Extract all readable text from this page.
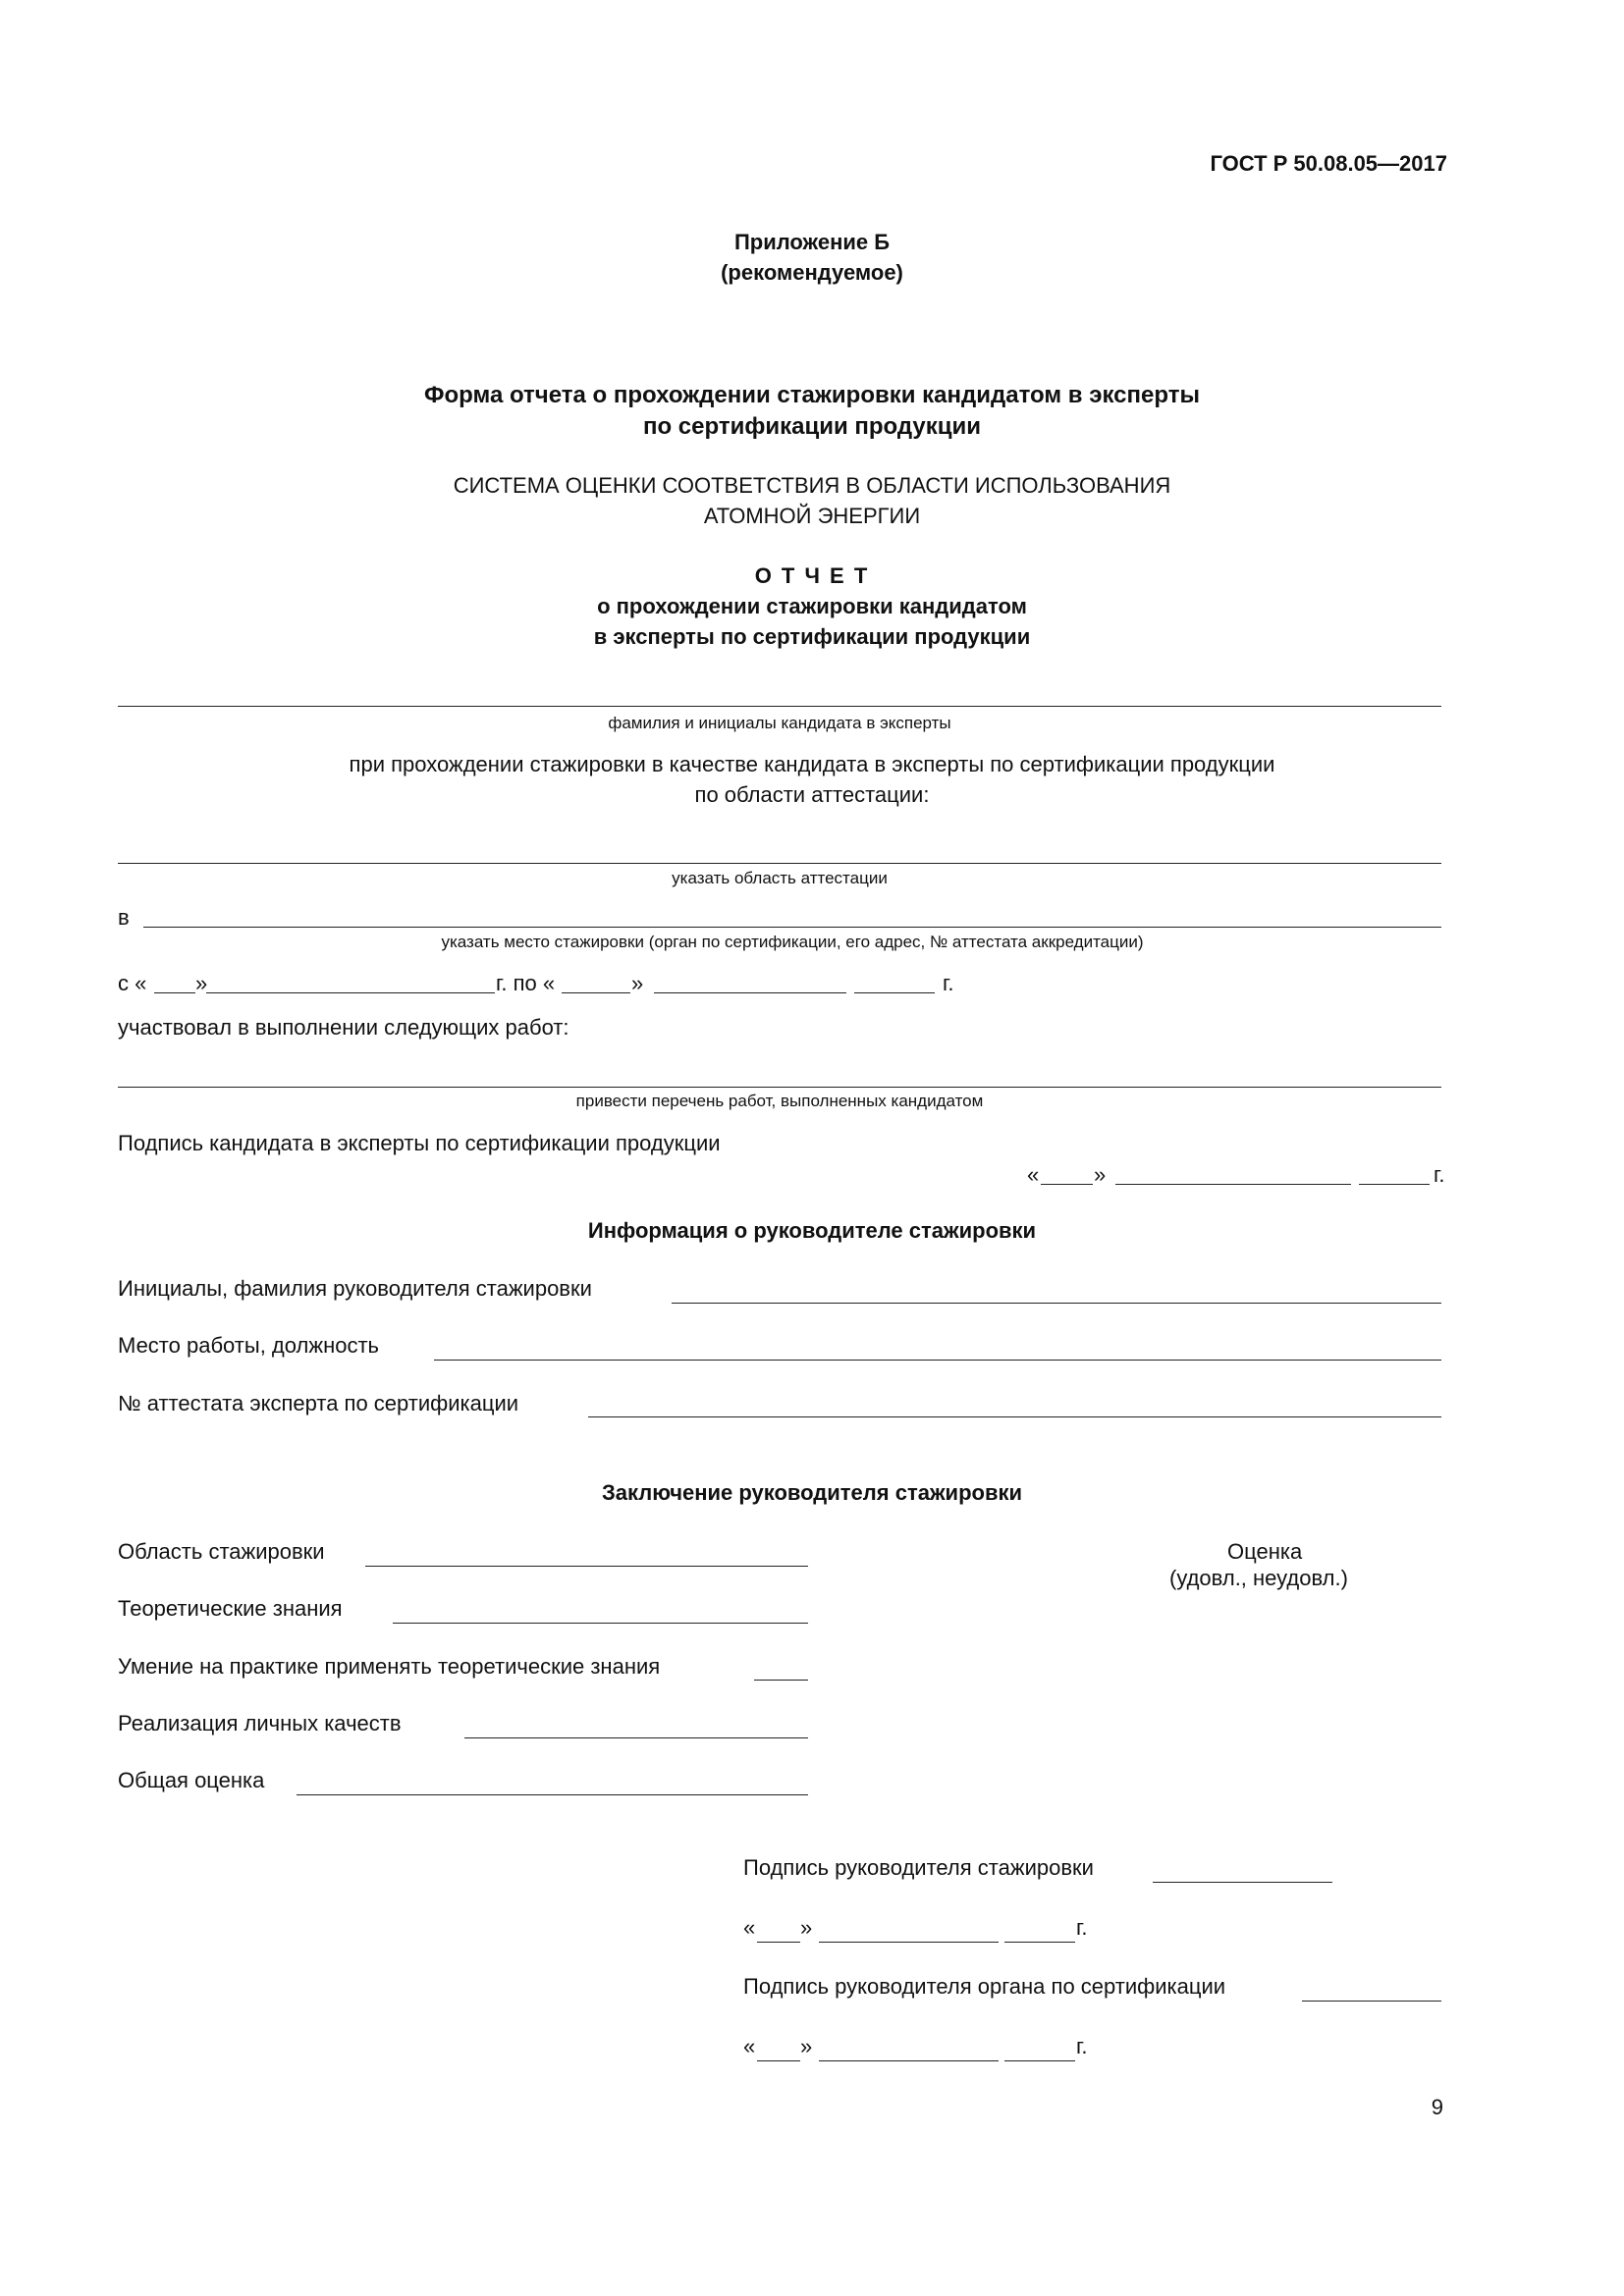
ГОСТ Р 50.08.05—2017
Приложение Б
(рекомендуемое)
Форма отчета о прохождении стажировки кандидатом в эксперты
по сертификации продукции
СИСТЕМА ОЦЕНКИ СООТВЕТСТВИЯ В ОБЛАСТИ ИСПОЛЬЗОВАНИЯ
АТОМНОЙ ЭНЕРГИИ
О Т Ч Е Т
о прохождении стажировки кандидатом
в эксперты по сертификации продукции
фамилия и инициалы кандидата в эксперты
при прохождении стажировки в качестве кандидата в эксперты по сертификации продукции
по области аттестации:
указать область аттестации
в
указать место стажировки (орган по сертификации, его адрес, № аттестата аккредитации)
с « »	г. по «	»	г.
участвовал в выполнении следующих работ:
привести перечень работ, выполненных кандидатом
Подпись кандидата в эксперты по сертификации продукции
«	»	г.
Информация о руководителе стажировки
Инициалы, фамилия руководителя стажировки
Место работы, должность
№ аттестата эксперта по сертификации
Заключение руководителя стажировки
Оценка
(удовл., неудовл.)
Область стажировки
Теоретические знания
Умение на практике применять теоретические знания
Реализация личных качеств
Общая оценка
Подпись руководителя стажировки
« »	г.
Подпись руководителя органа по сертификации
« »	г.
9
